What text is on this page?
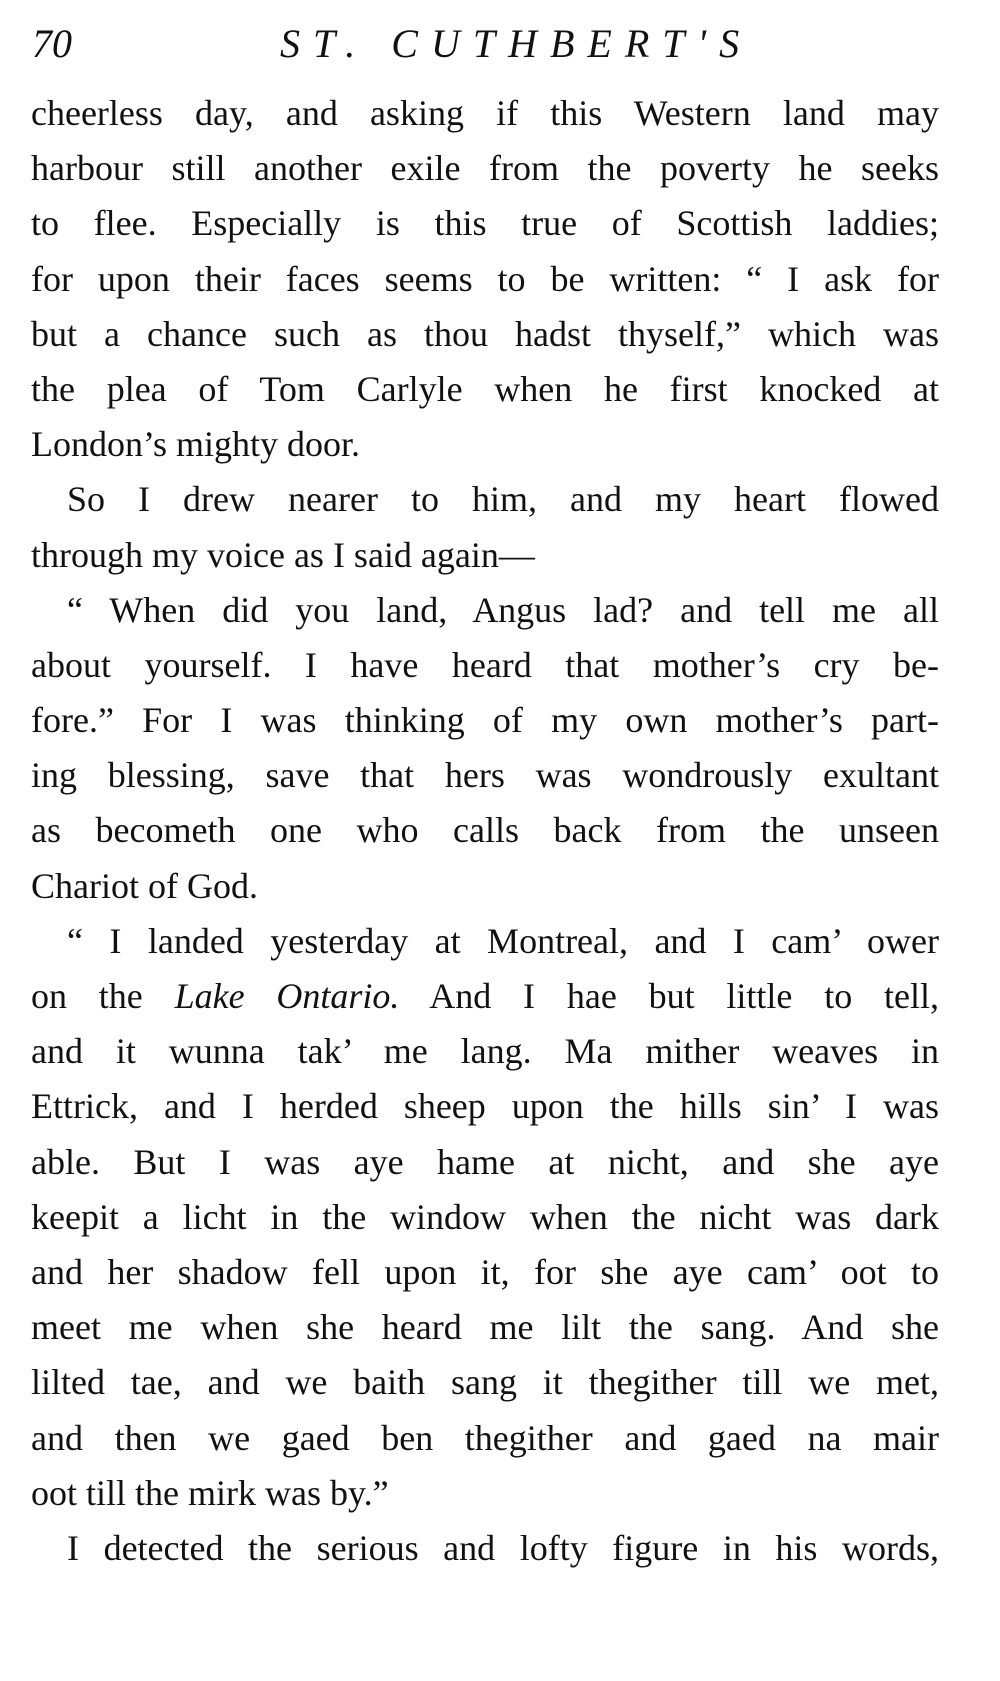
70	ST. CUTHBERT'S
cheerless day, and asking if this Western land may
harbour still another exile from the poverty he seeks
to flee. Especially is this true of Scottish laddies;
for upon their faces seems to be written: “ I ask for
but a chance such as thou hadst thyself,” which was
the plea of Tom Carlyle when he first knocked at
London’s mighty door.
So I drew nearer to him, and my heart flowed
through my voice as I said again—
“ When did you land, Angus lad? and tell me all
about yourself. I have heard that mother’s cry be-
fore.” For I was thinking of my own mother’s part-
ing blessing, save that hers was wondrously exultant
as becometh one who calls back from the unseen
Chariot of God.
“ I landed yesterday at Montreal, and I cam’ ower
on the Lake Ontario. And I hae but little to tell,
and it wunna tak’ me lang. Ma mither weaves in
Ettrick, and I herded sheep upon the hills sin’ I was
able. But I was aye hame at nicht, and she aye
keepit a licht in the window when the nicht was dark
and her shadow fell upon it, for she aye cam’ oot to
meet me when she heard me lilt the sang. And she
lilted tae, and we baith sang it thegither till we met,
and then we gaed ben thegither and gaed na mair
oot till the mirk was by.”
I detected the serious and lofty figure in his words,
